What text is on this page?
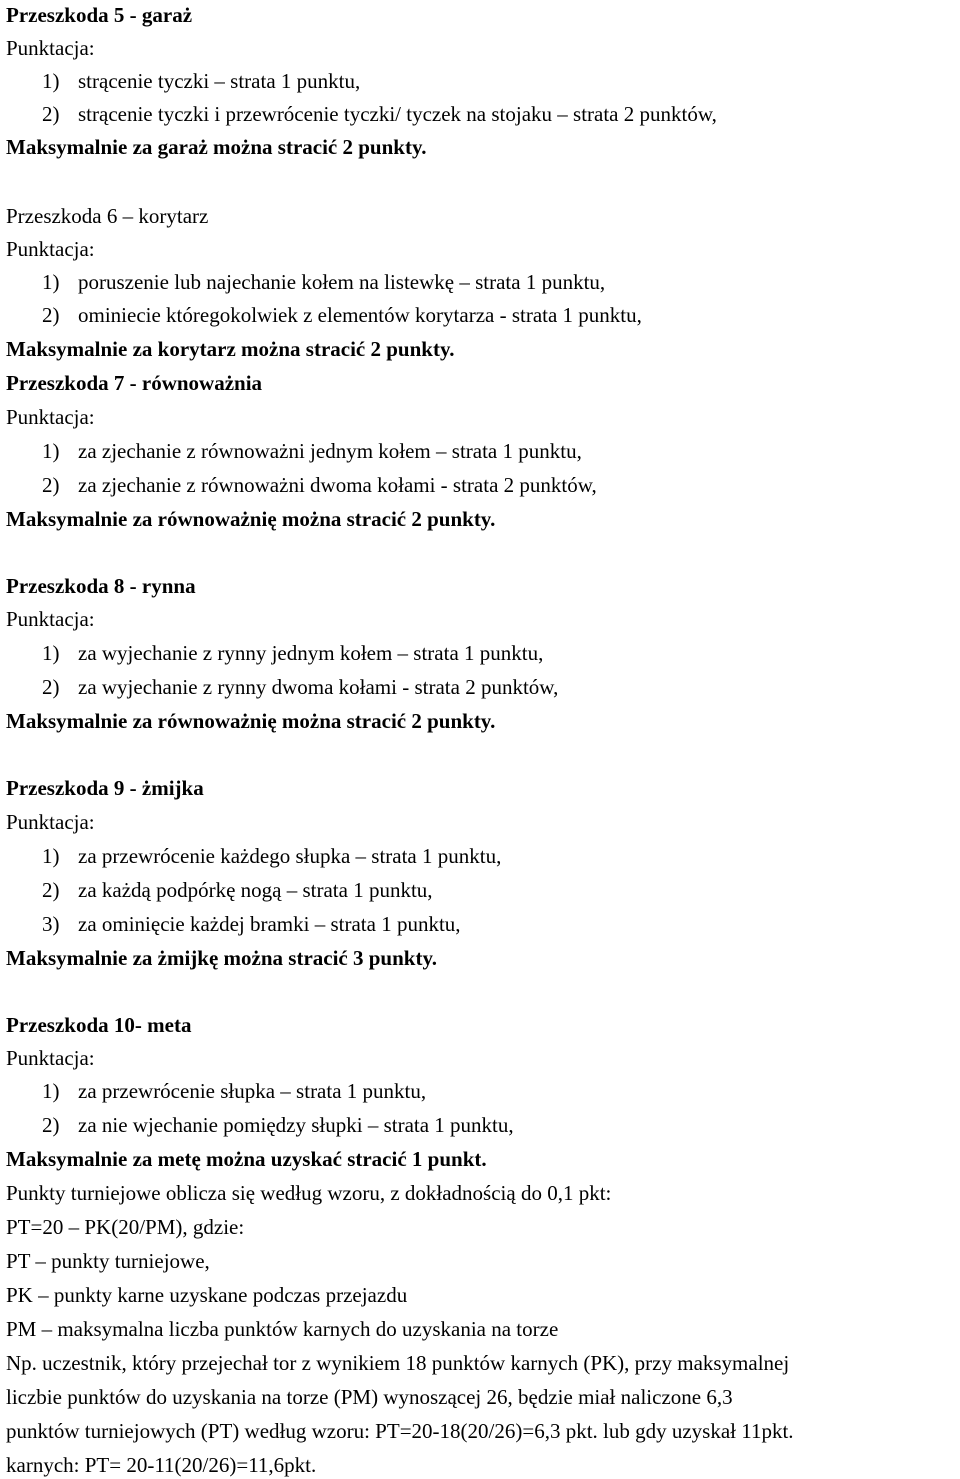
Przeszkoda 5 - garaż
Punktacja:
1) strącenie tyczki – strata 1 punktu,
2) strącenie tyczki i przewrócenie tyczki/ tyczek na stojaku – strata 2 punktów,
Maksymalnie za garaż można stracić 2 punkty.
Przeszkoda 6 – korytarz
Punktacja:
1) poruszenie lub najechanie kołem na listewkę – strata 1 punktu,
2) ominiecie któregokolwiek z elementów korytarza - strata 1 punktu,
Maksymalnie za korytarz można stracić 2 punkty.
Przeszkoda 7 - równoważnia
Punktacja:
1) za zjechanie z równoważni jednym kołem – strata 1 punktu,
2) za zjechanie z równoważni dwoma kołami - strata 2 punktów,
Maksymalnie za równoważnię można stracić 2 punkty.
Przeszkoda 8 - rynna
Punktacja:
1) za wyjechanie z rynny jednym kołem – strata 1 punktu,
2) za wyjechanie z rynny dwoma kołami - strata 2 punktów,
Maksymalnie za równoważnię można stracić 2 punkty.
Przeszkoda 9 - żmijka
Punktacja:
1) za przewrócenie każdego słupka – strata 1 punktu,
2) za każdą podpórkę nogą – strata 1 punktu,
3) za ominięcie każdej bramki – strata 1 punktu,
Maksymalnie za żmijkę można stracić 3 punkty.
Przeszkoda 10- meta
Punktacja:
1) za przewrócenie słupka – strata 1 punktu,
2) za nie wjechanie pomiędzy słupki – strata 1 punktu,
Maksymalnie za metę można uzyskać stracić 1 punkt.
Punkty turniejowe oblicza się według wzoru, z dokładnością do 0,1 pkt:
PT=20 – PK(20/PM), gdzie:
PT – punkty turniejowe,
PK – punkty karne uzyskane podczas przejazdu
PM – maksymalna liczba punktów karnych do uzyskania na torze
Np. uczestnik, który przejechał tor z wynikiem 18 punktów karnych (PK), przy maksymalnej
liczbie punktów do uzyskania na torze (PM) wynoszącej 26, będzie miał naliczone 6,3
punktów turniejowych (PT) według wzoru: PT=20-18(20/26)=6,3 pkt. lub gdy uzyskał 11pkt.
karnych: PT= 20-11(20/26)=11,6pkt.
